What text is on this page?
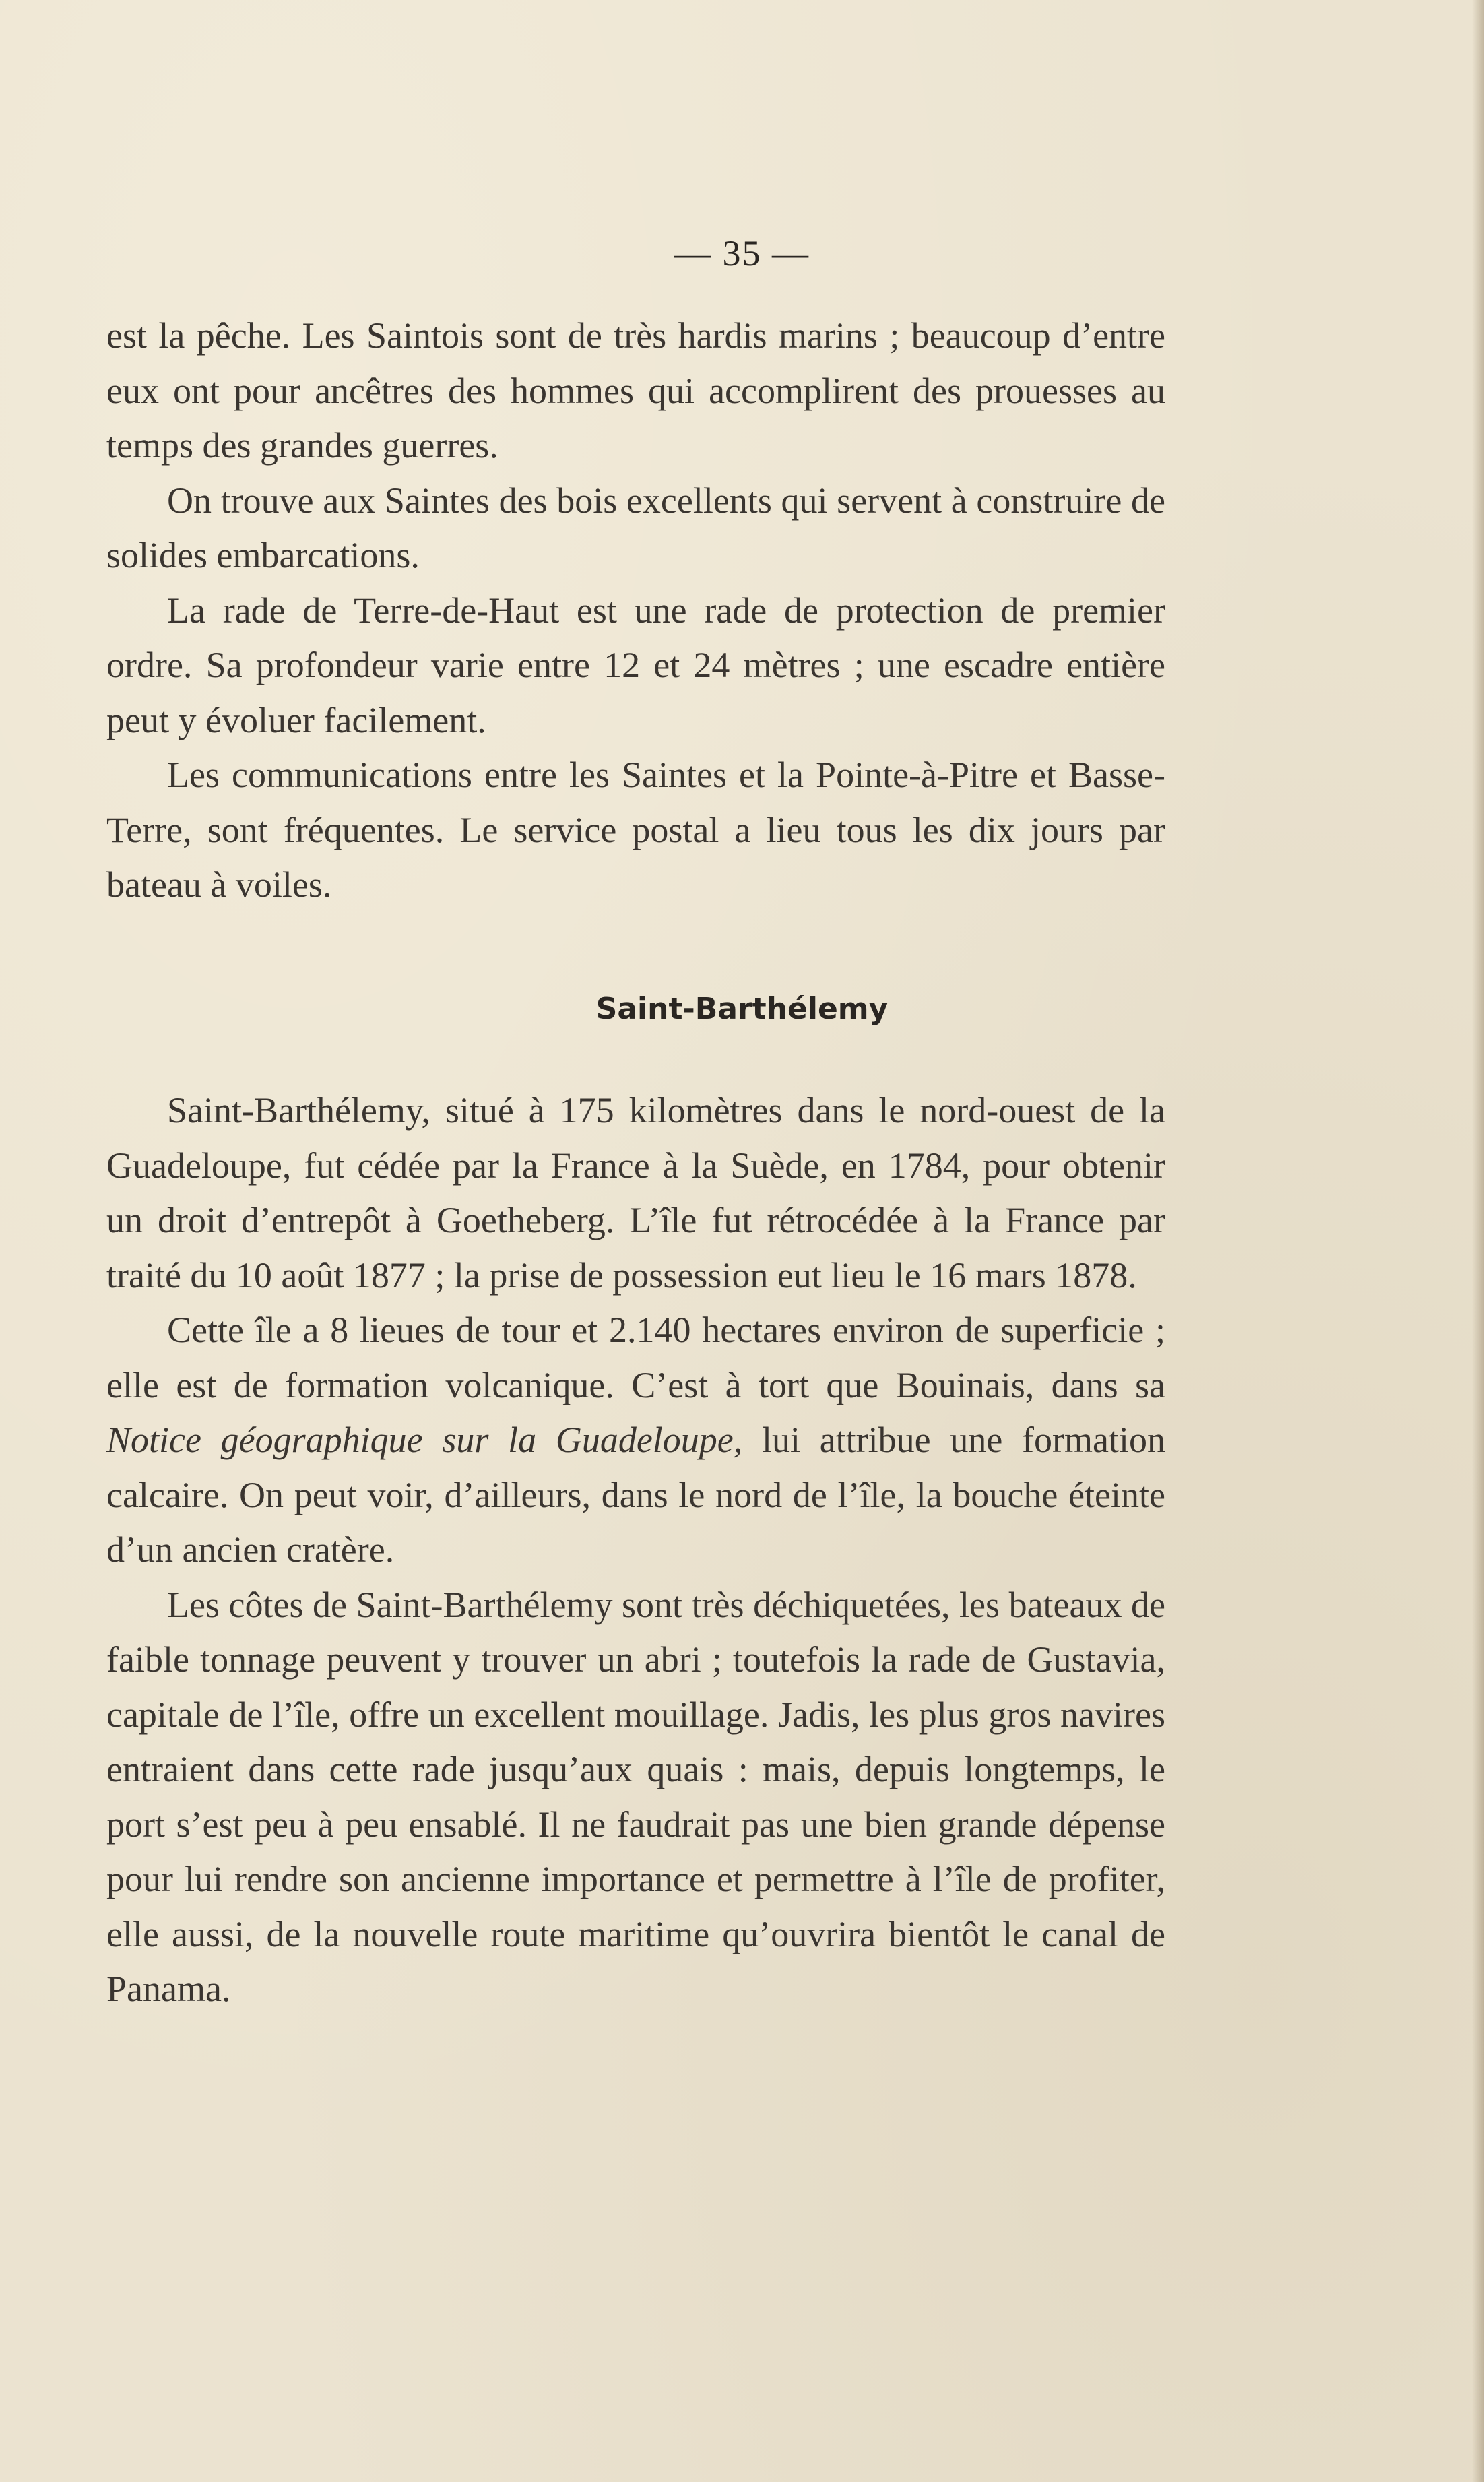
— 35 —

est la pêche. Les Saintois sont de très hardis marins ; beaucoup d’entre eux ont pour ancêtres des hommes qui accomplirent des prouesses au temps des grandes guerres.

On trouve aux Saintes des bois excellents qui servent à construire de solides embarcations.

La rade de Terre-de-Haut est une rade de protection de premier ordre. Sa profondeur varie entre 12 et 24 mètres ; une escadre entière peut y évoluer facilement.

Les communications entre les Saintes et la Pointe-à-Pitre et Basse-Terre, sont fréquentes. Le service postal a lieu tous les dix jours par bateau à voiles.

Saint-Barthélemy

Saint-Barthélemy, situé à 175 kilomètres dans le nord-ouest de la Guadeloupe, fut cédée par la France à la Suède, en 1784, pour obtenir un droit d’entrepôt à Goetheberg. L’île fut rétrocédée à la France par traité du 10 août 1877 ; la prise de possession eut lieu le 16 mars 1878.

Cette île a 8 lieues de tour et 2.140 hectares environ de superficie ; elle est de formation volcanique. C’est à tort que Bouinais, dans sa Notice géographique sur la Guadeloupe, lui attribue une formation calcaire. On peut voir, d’ailleurs, dans le nord de l’île, la bouche éteinte d’un ancien cratère.

Les côtes de Saint-Barthélemy sont très déchiquetées, les bateaux de faible tonnage peuvent y trouver un abri ; toutefois la rade de Gustavia, capitale de l’île, offre un excellent mouillage. Jadis, les plus gros navires entraient dans cette rade jusqu’aux quais : mais, depuis longtemps, le port s’est peu à peu ensablé. Il ne faudrait pas une bien grande dépense pour lui rendre son ancienne importance et permettre à l’île de profiter, elle aussi, de la nouvelle route maritime qu’ouvrira bientôt le canal de Panama.
